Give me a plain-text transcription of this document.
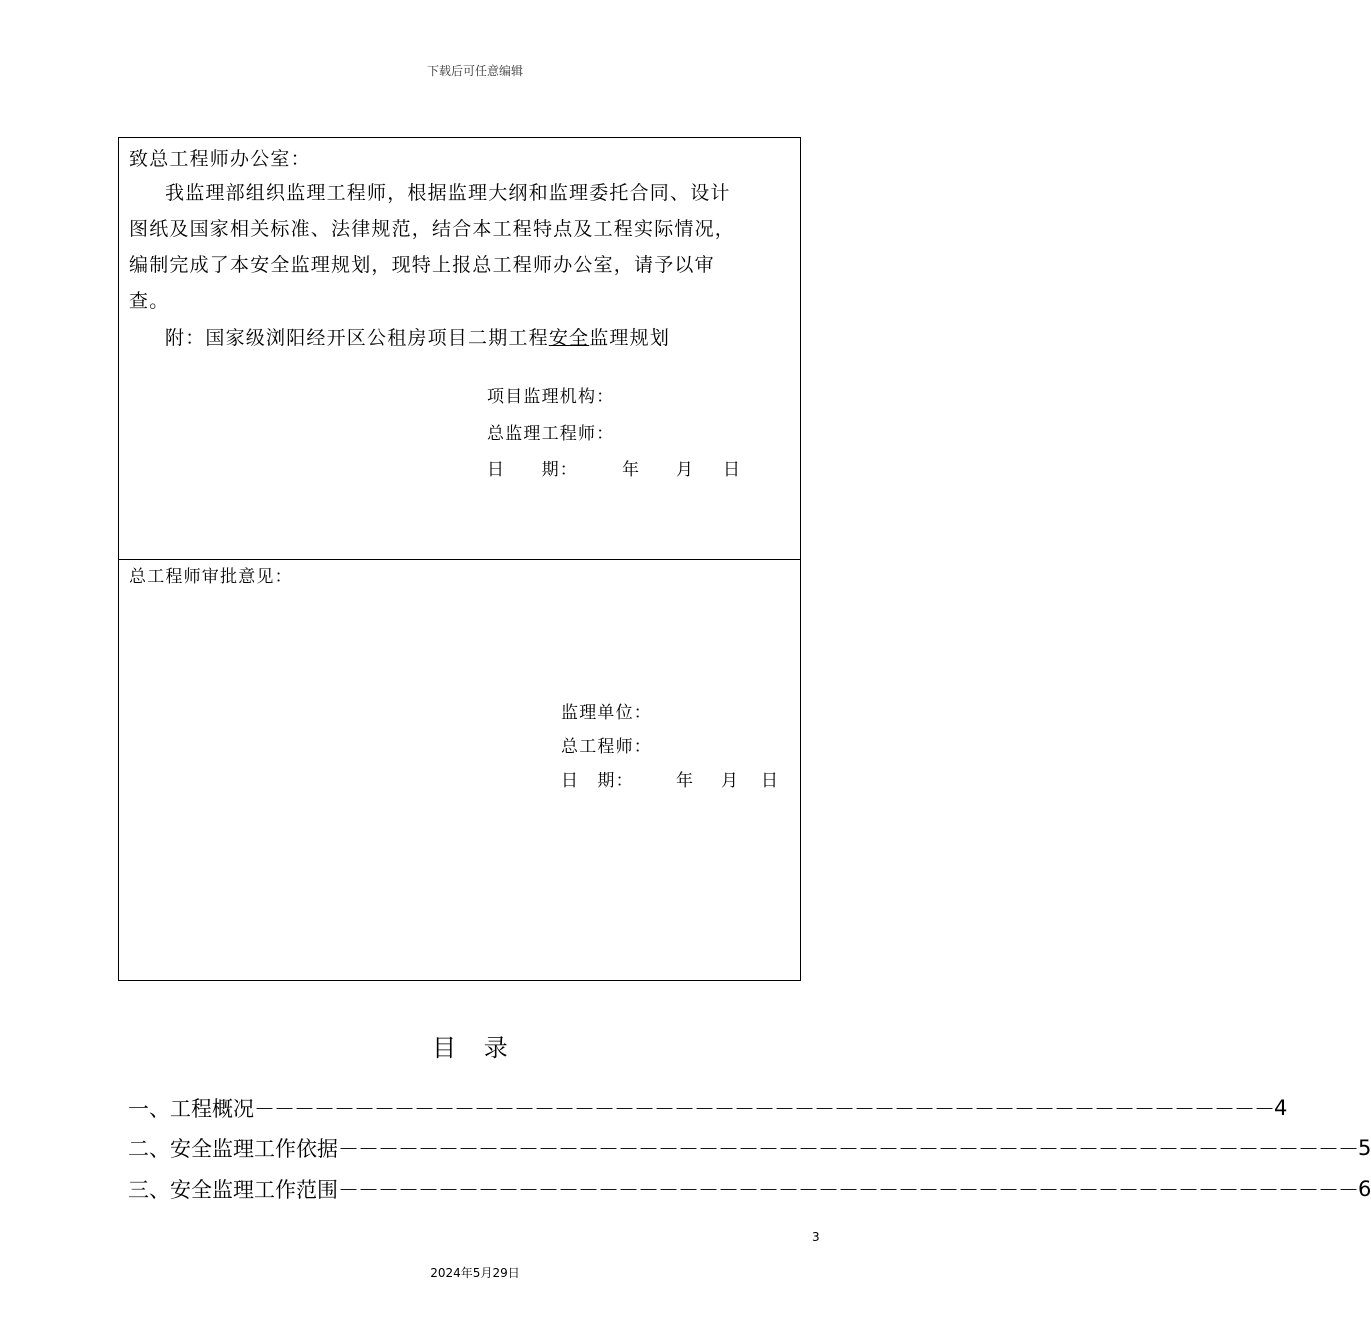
下载后可任意编辑
致总工程师办公室：
我监理部组织监理工程师，根据监理大纲和监理委托合同、设计
图纸及国家相关标准、法律规范，结合本工程特点及工程实际情况，
编制完成了本安全监理规划，现特上报总工程师办公室，请予以审
查。
附：国家级浏阳经开区公租房项目二期工程安全监理规划
项目监理机构：
总监理工程师：
日　　期：	年 月 日
总工程师审批意见：
监理单位：
总工程师：
日　期： 年 月 日
目 录
一、工程概况 －－－－－－－－－－－－－－－－－－－－－－－－－－－－－－－－－－－－－－－－－－－－－－－－－－－ 4
二、安全监理工作依据 －－－－－－－－－－－－－－－－－－－－－－－－－－－－－－－－－－－－－－－－－－－－－－－－－－－ 5
三、安全监理工作范围 －－－－－－－－－－－－－－－－－－－－－－－－－－－－－－－－－－－－－－－－－－－－－－－－－－－ 6
3
2024年5月29日
